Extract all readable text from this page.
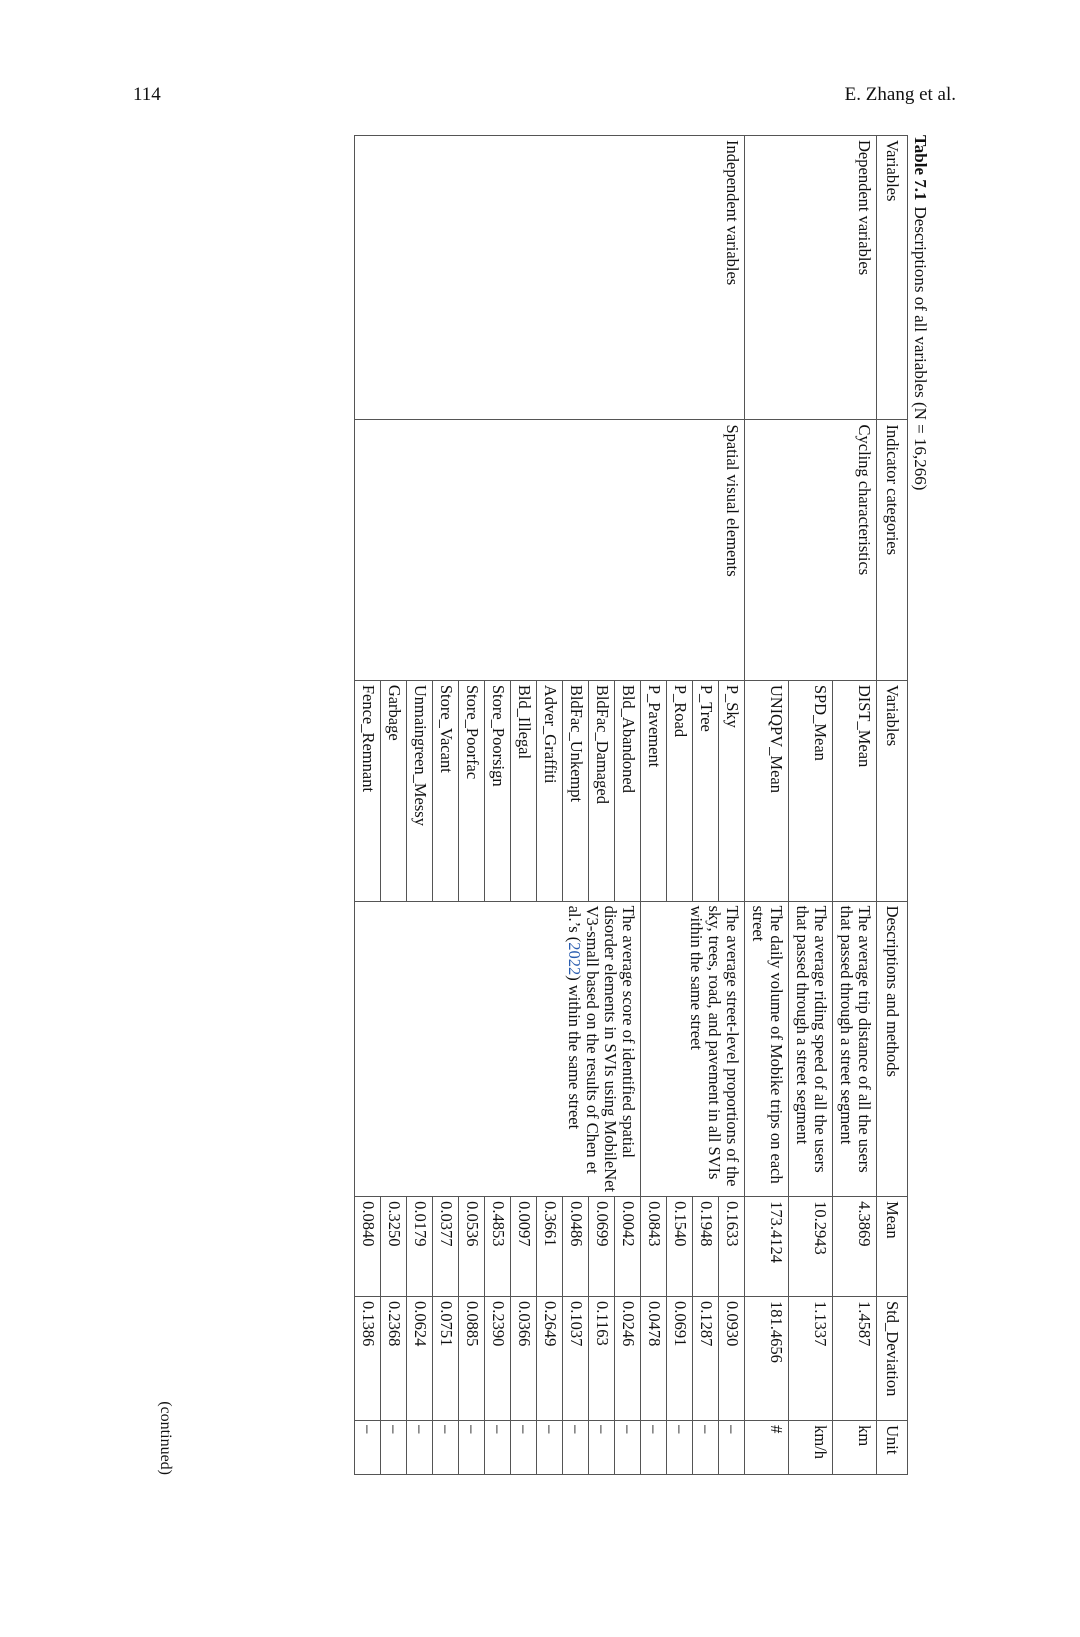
114	E. Zhang et al.
Table 7.1Descriptions of all variables (N = 16,266)
Variables	Indicator categories	Variables	Descriptions and methods	Mean	Std_Deviation	Unit
Dependent variables	Cycling characteristics	DIST_Mean	The average trip distance of all the users that passed through a street segment	4.3869	1.4587	km
		SPD_Mean	The average riding speed of all the users that passed through a street segment	10.2943	1.1337	km/h
		UNIQPV_Mean	The daily volume of Mobike trips on each street	173.4124	181.4656	#
Independent variables	Spatial visual elements	P_Sky	The average street-level proportions of the sky, trees, road, and pavement in all SVIs within the same street	0.1633	0.0930	–
		P_Tree		0.1948	0.1287	–
		P_Road		0.1540	0.0691	–
		P_Pavement		0.0843	0.0478	–
		Bld_Abandoned	The average score of identified spatial disorder elements in SVIs using MobileNet V3-small based on the results of Chen et al.’s (2022) within the same street	0.0042	0.0246	–
		BldFac_Damaged		0.0699	0.1163	–
		BldFac_Unkempt		0.0486	0.1037	–
		Adver_Graffiti		0.3661	0.2649	–
		Bld_Illegal		0.0097	0.0366	–
		Store_Poorsign		0.4853	0.2390	–
		Store_Poorfac		0.0536	0.0885	–
		Store_Vacant		0.0377	0.0751	–
		Unmaingreen_Messy		0.0179	0.0624	–
		Garbage		0.3250	0.2368	–
		Fence_Remnant		0.0840	0.1386	–
(continued)
